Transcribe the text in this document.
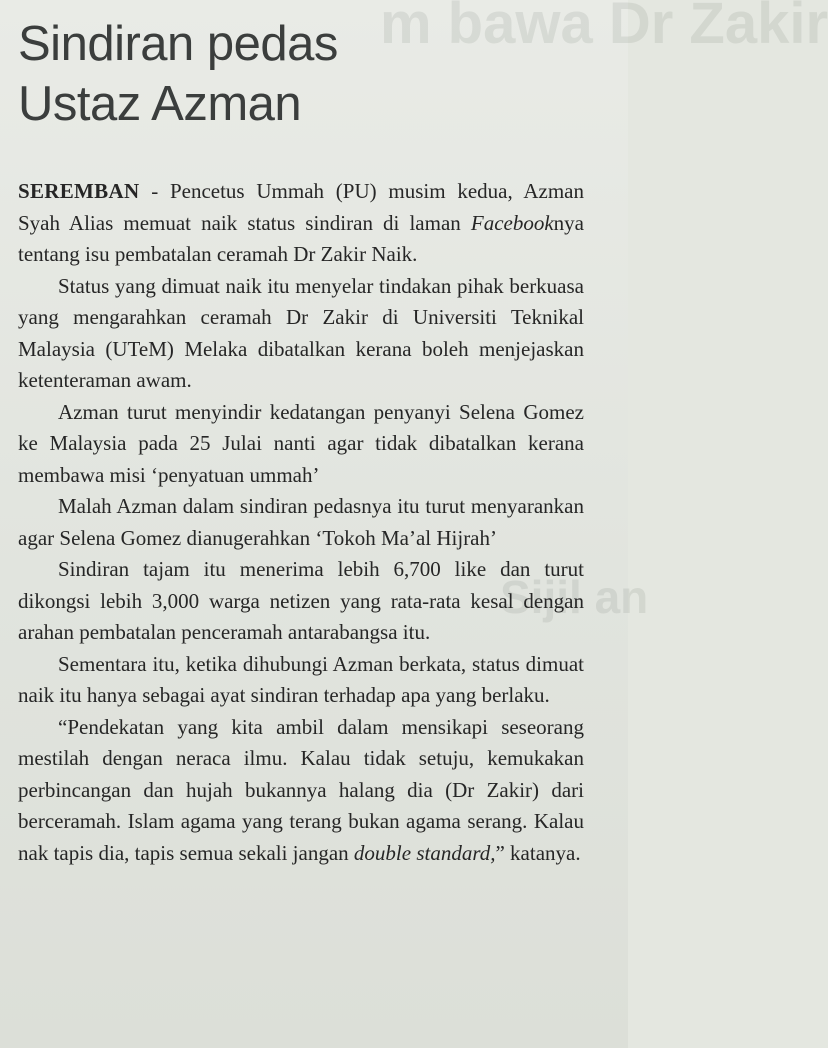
m bawa Dr Zakir
Sijil an
Sindiran pedas
Ustaz Azman

SEREMBAN - Pencetus Ummah (PU) musim kedua, Azman Syah Alias memuat naik status sindiran di laman Facebooknya tentang isu pembatalan ceramah Dr Zakir Naik.

Status yang dimuat naik itu menyelar tindakan pihak berkuasa yang mengarahkan ceramah Dr Zakir di Universiti Teknikal Malaysia (UTeM) Melaka dibatalkan kerana boleh menjejaskan ketenteraman awam.

Azman turut menyindir kedatangan penyanyi Selena Gomez ke Malaysia pada 25 Julai nanti agar tidak dibatalkan kerana membawa misi ‘penyatuan ummah’

Malah Azman dalam sindiran pedasnya itu turut menyarankan agar Selena Gomez dianugerahkan ‘Tokoh Ma’al Hijrah’

Sindiran tajam itu menerima lebih 6,700 like dan turut dikongsi lebih 3,000 warga netizen yang rata-rata kesal dengan arahan pembatalan penceramah antarabangsa itu.

Sementara itu, ketika dihubungi Azman berkata, status dimuat naik itu hanya sebagai ayat sindiran terhadap apa yang berlaku.

“Pendekatan yang kita ambil dalam mensikapi seseorang mestilah dengan neraca ilmu. Kalau tidak setuju, kemukakan perbincangan dan hujah bukannya halang dia (Dr Zakir) dari berceramah. Islam agama yang terang bukan agama serang. Kalau nak tapis dia, tapis semua sekali jangan double standard,” katanya.
